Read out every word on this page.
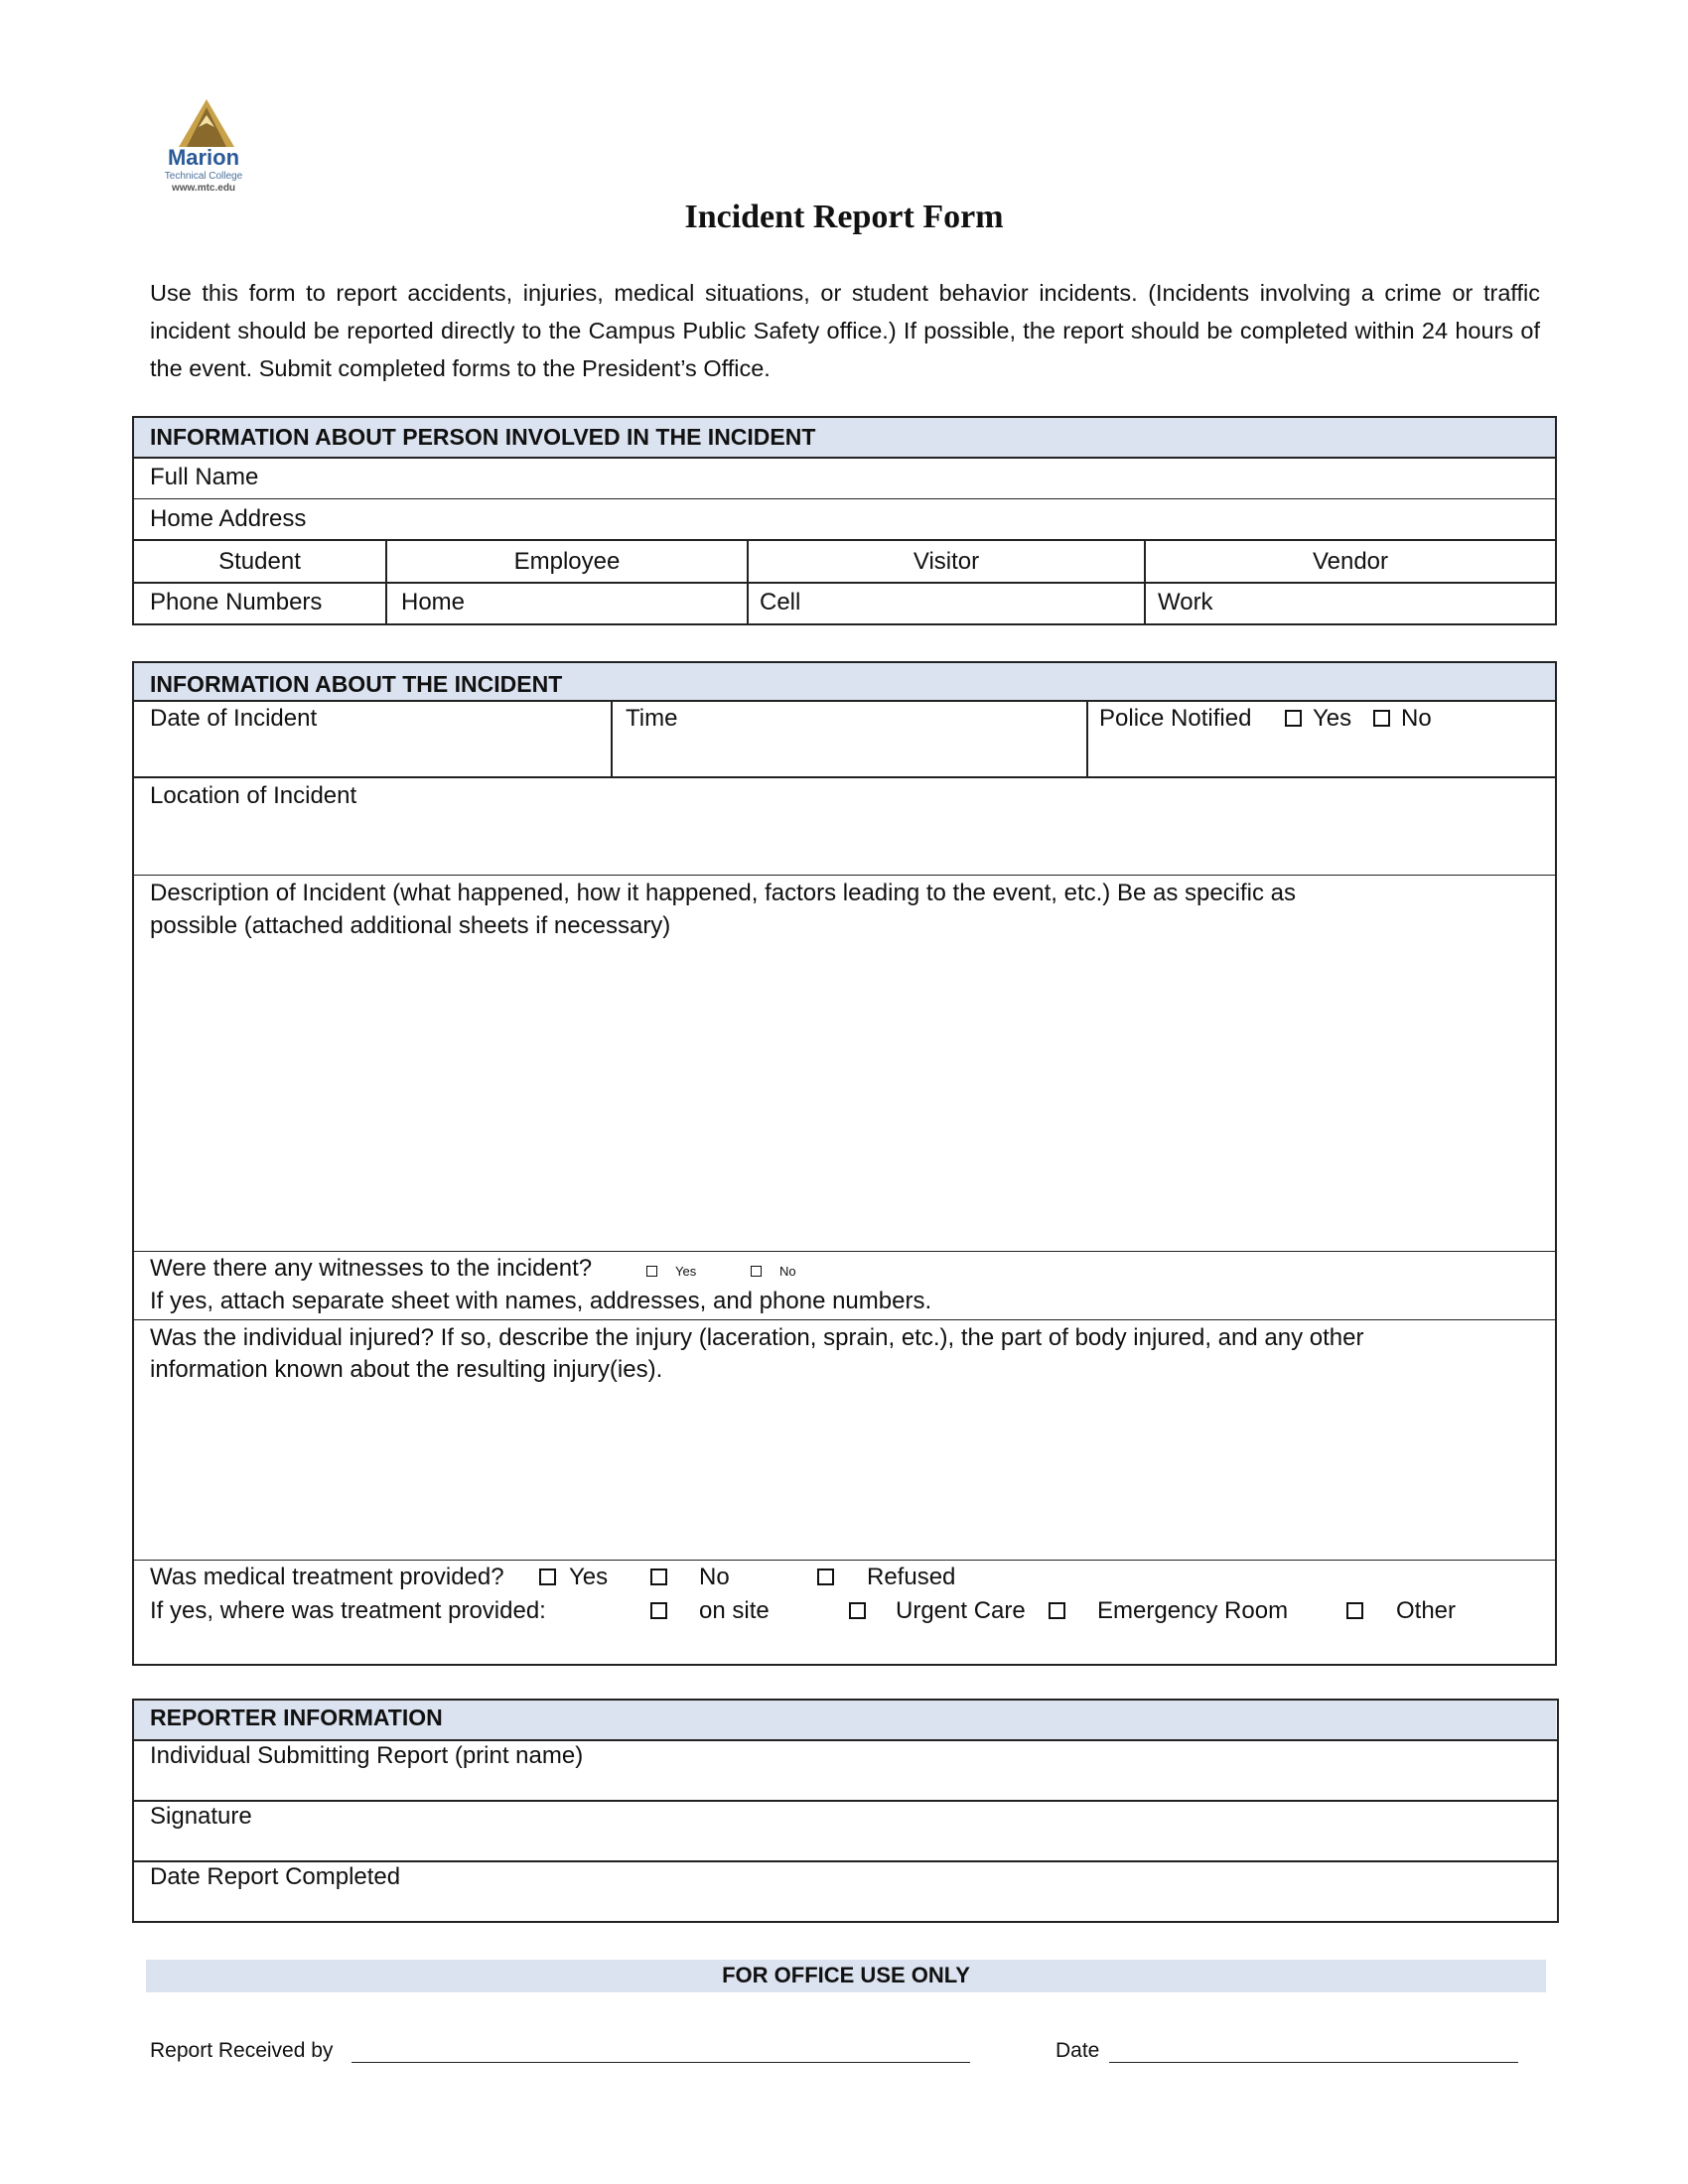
Marion
Technical College
www.mtc.edu
Incident Report Form

Use this form to report accidents, injuries, medical situations, or student behavior incidents. (Incidents involving a crime or traffic incident should be reported directly to the Campus Public Safety office.) If possible, the report should be completed within 24 hours of the event. Submit completed forms to the President’s Office.

INFORMATION ABOUT PERSON INVOLVED IN THE INCIDENT
Full Name
Home Address
Student	Employee	Visitor	Vendor
Phone Numbers	Home	Cell	Work
INFORMATION ABOUT THE INCIDENT
Date of Incident	Time	Police Notified	Yes No
Location of Incident
Description of Incident (what happened, how it happened, factors leading to the event, etc.) Be as specific as
possible (attached additional sheets if necessary)
Were there any witnesses to the incident?	Yes	No
If yes, attach separate sheet with names, addresses, and phone numbers.
Was the individual injured? If so, describe the injury (laceration, sprain, etc.), the part of body injured, and any other
information known about the resulting injury(ies).
Was medical treatment provided?	Yes	No	Refused
If yes, where was treatment provided:	on site	Urgent Care	Emergency Room	Other
REPORTER INFORMATION
Individual Submitting Report (print name)
Signature
Date Report Completed
FOR OFFICE USE ONLY
Report Received by	Date
